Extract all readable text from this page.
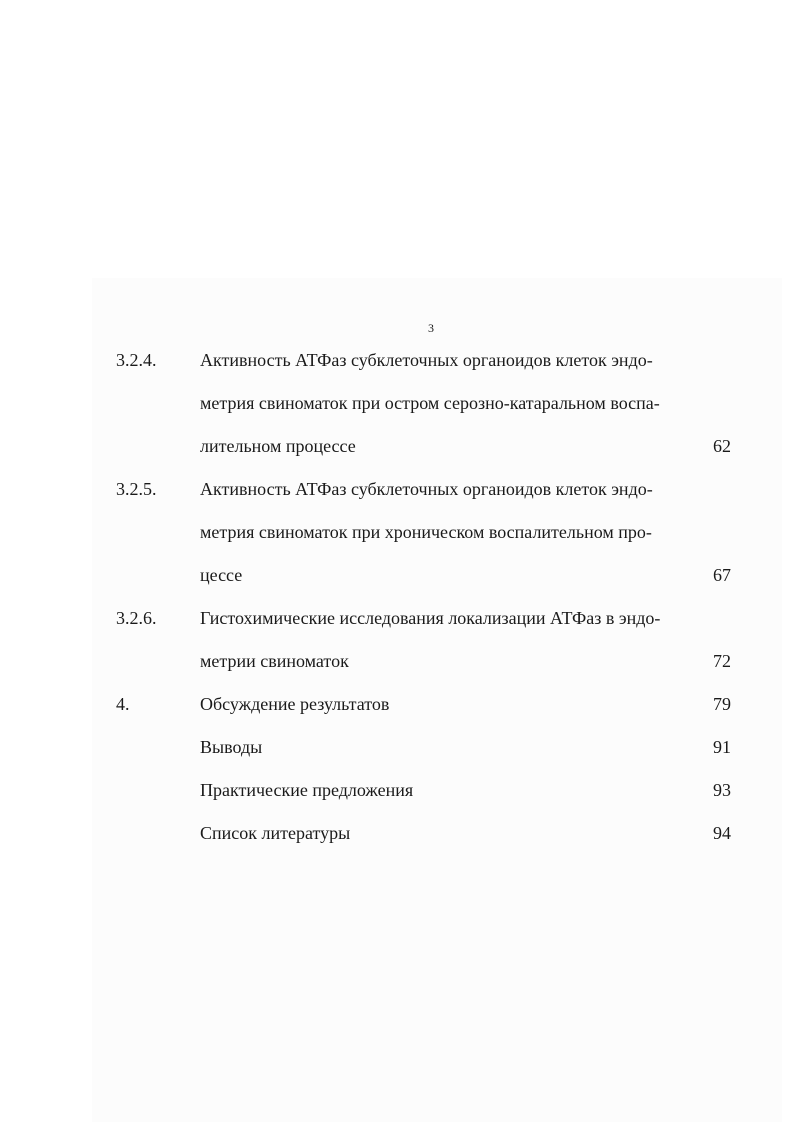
3
3.2.4. Активность АТФаз субклеточных органоидов клеток эндо-
метрия свиноматок при остром серозно-катаральном воспа-
лительном процессе	62
3.2.5. Активность АТФаз субклеточных органоидов клеток эндо-
метрия свиноматок при хроническом воспалительном про-
цессе	67
3.2.6. Гистохимические исследования локализации АТФаз в эндо-
метрии свиноматок	72
4.	Обсуждение результатов	79
Выводы	91
Практические предложения	93
Список литературы	94
